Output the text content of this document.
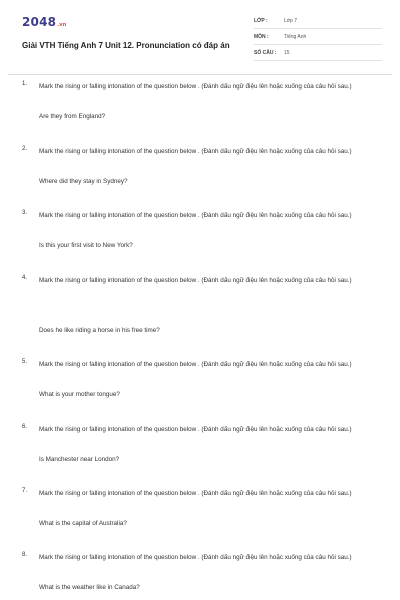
2048.vn
Giải VTH Tiếng Anh 7 Unit 12. Pronunciation có đáp án
LỚP :	Lớp 7
MÔN :	Tiếng Anh
SỐ CÂU : 15
1. Mark the rising or falling intonation of the question below . (Đánh dấu ngữ điệu lên hoặc xuống của câu hỏi sau.)
Are they from England?
2. Mark the rising or falling intonation of the question below . (Đánh dấu ngữ điệu lên hoặc xuống của câu hỏi sau.)
Where did they stay in Sydney?
3. Mark the rising or falling intonation of the question below . (Đánh dấu ngữ điệu lên hoặc xuống của câu hỏi sau.)
Is this your first visit to New York?
4. Mark the rising or falling intonation of the question below . (Đánh dấu ngữ điệu lên hoặc xuống của câu hỏi sau.)
Does he like riding a horse in his free time?
5. Mark the rising or falling intonation of the question below . (Đánh dấu ngữ điệu lên hoặc xuống của câu hỏi sau.)
What is your mother tongue?
6. Mark the rising or falling intonation of the question below . (Đánh dấu ngữ điệu lên hoặc xuống của câu hỏi sau.)
Is Manchester near London?
7. Mark the rising or falling intonation of the question below . (Đánh dấu ngữ điệu lên hoặc xuống của câu hỏi sau.)
What is the capital of Australia?
8. Mark the rising or falling intonation of the question below . (Đánh dấu ngữ điệu lên hoặc xuống của câu hỏi sau.)
What is the weather like in Canada?
